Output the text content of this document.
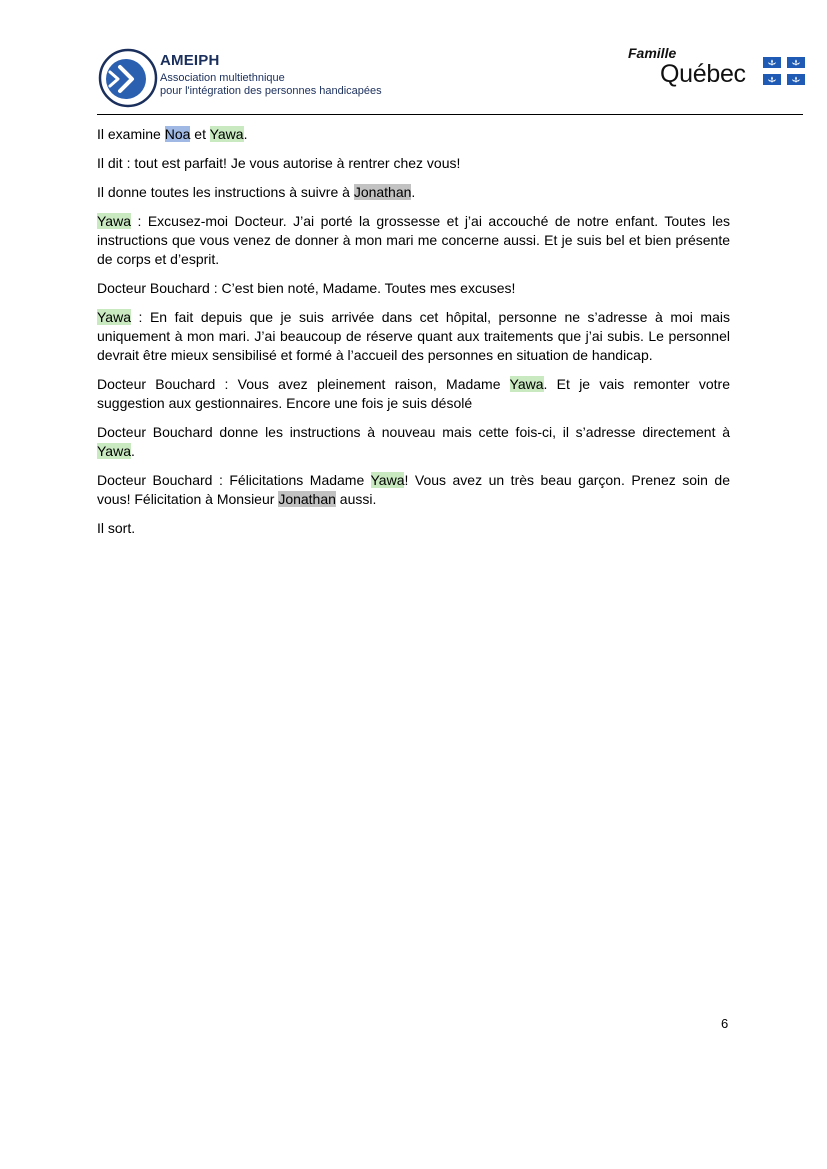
AMEIPH
Association multiethnique
pour l'intégration des personnes handicapées
Famille
Québec

Il examine Noa et Yawa.

Il dit : tout est parfait! Je vous autorise à rentrer chez vous!

Il donne toutes les instructions à suivre à Jonathan.

Yawa : Excusez-moi Docteur. J’ai porté la grossesse et j’ai accouché de notre enfant. Toutes les instructions que vous venez de donner à mon mari me concerne aussi. Et je suis bel et bien présente de corps et d’esprit.

Docteur Bouchard : C’est bien noté, Madame. Toutes mes excuses!

Yawa : En fait depuis que je suis arrivée dans cet hôpital, personne ne s’adresse à moi mais uniquement à mon mari. J’ai beaucoup de réserve quant aux traitements que j’ai subis. Le personnel devrait être mieux sensibilisé et formé à l’accueil des personnes en situation de handicap.

Docteur Bouchard : Vous avez pleinement raison, Madame Yawa. Et je vais remonter votre suggestion aux gestionnaires. Encore une fois je suis désolé

Docteur Bouchard donne les instructions à nouveau mais cette fois-ci, il s’adresse directement à Yawa.

Docteur Bouchard : Félicitations Madame Yawa! Vous avez un très beau garçon. Prenez soin de vous! Félicitation à Monsieur Jonathan aussi.

Il sort.

6
